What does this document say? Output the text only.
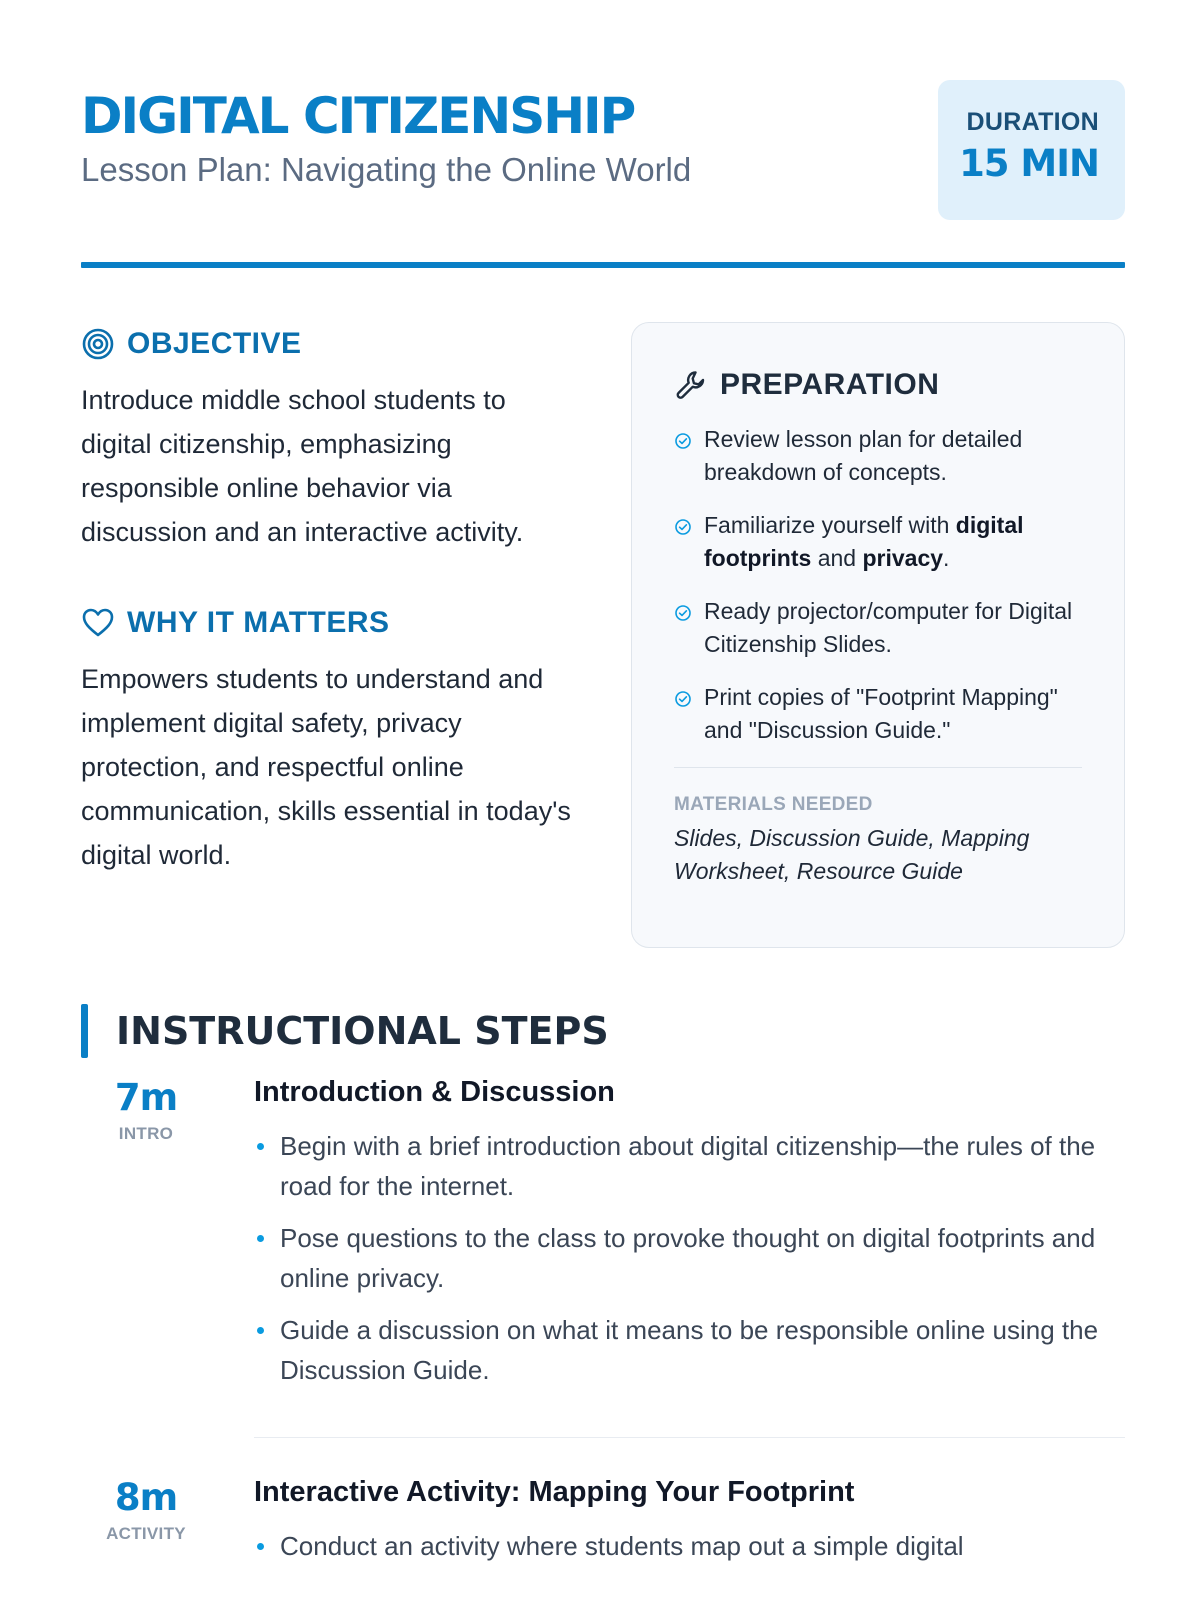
DIGITAL CITIZENSHIP
Lesson Plan: Navigating the Online World
DURATION
15 MIN
OBJECTIVE

Introduce middle school students to digital citizenship, emphasizing responsible online behavior via discussion and an interactive activity.

WHY IT MATTERS

Empowers students to understand and implement digital safety, privacy protection, and respectful online communication, skills essential in today's digital world.

PREPARATION
Review lesson plan for detailed breakdown of concepts.
Familiarize yourself with digital footprints and privacy.
Ready projector/computer for Digital Citizenship Slides.
Print copies of "Footprint Mapping" and "Discussion Guide."
MATERIALS NEEDED
Slides, Discussion Guide, Mapping Worksheet, Resource Guide
INSTRUCTIONAL STEPS
7m
INTRO
Introduction & Discussion
Begin with a brief introduction about digital citizenship—the rules of the road for the internet.
Pose questions to the class to provoke thought on digital footprints and online privacy.
Guide a discussion on what it means to be responsible online using the Discussion Guide.
8m
ACTIVITY
Interactive Activity: Mapping Your Footprint
Conduct an activity where students map out a simple digital
